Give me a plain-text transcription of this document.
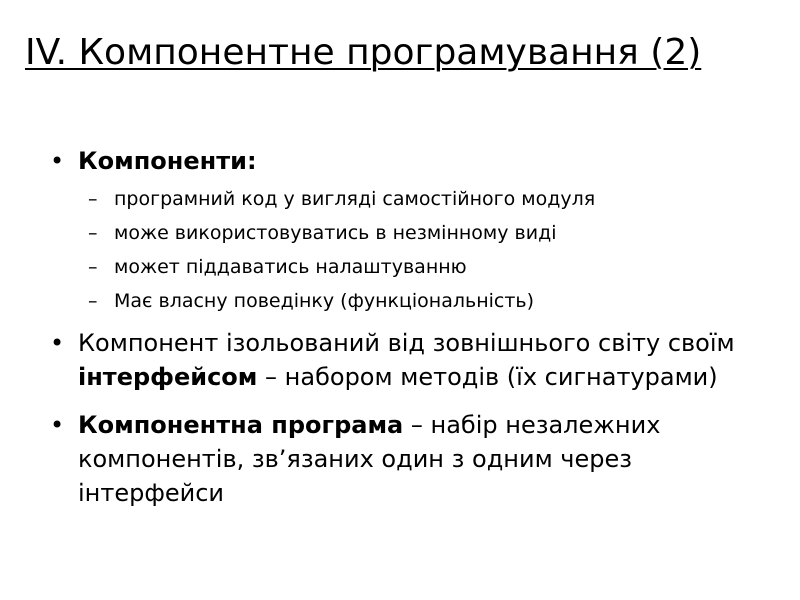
IV. Компонентне програмування (2)
• Компоненти:
– програмний код у вигляді самостійного модуля
– може використовуватись в незмінному виді
– может піддаватись налаштуванню
– Має власну поведінку (функціональність)
• Компонент ізольований від зовнішнього світу своїм інтерфейсом – набором методів (їх сигнатурами)
• Компонентна програма – набір незалежних компонентів, зв’язаних один з одним через інтерфейси
